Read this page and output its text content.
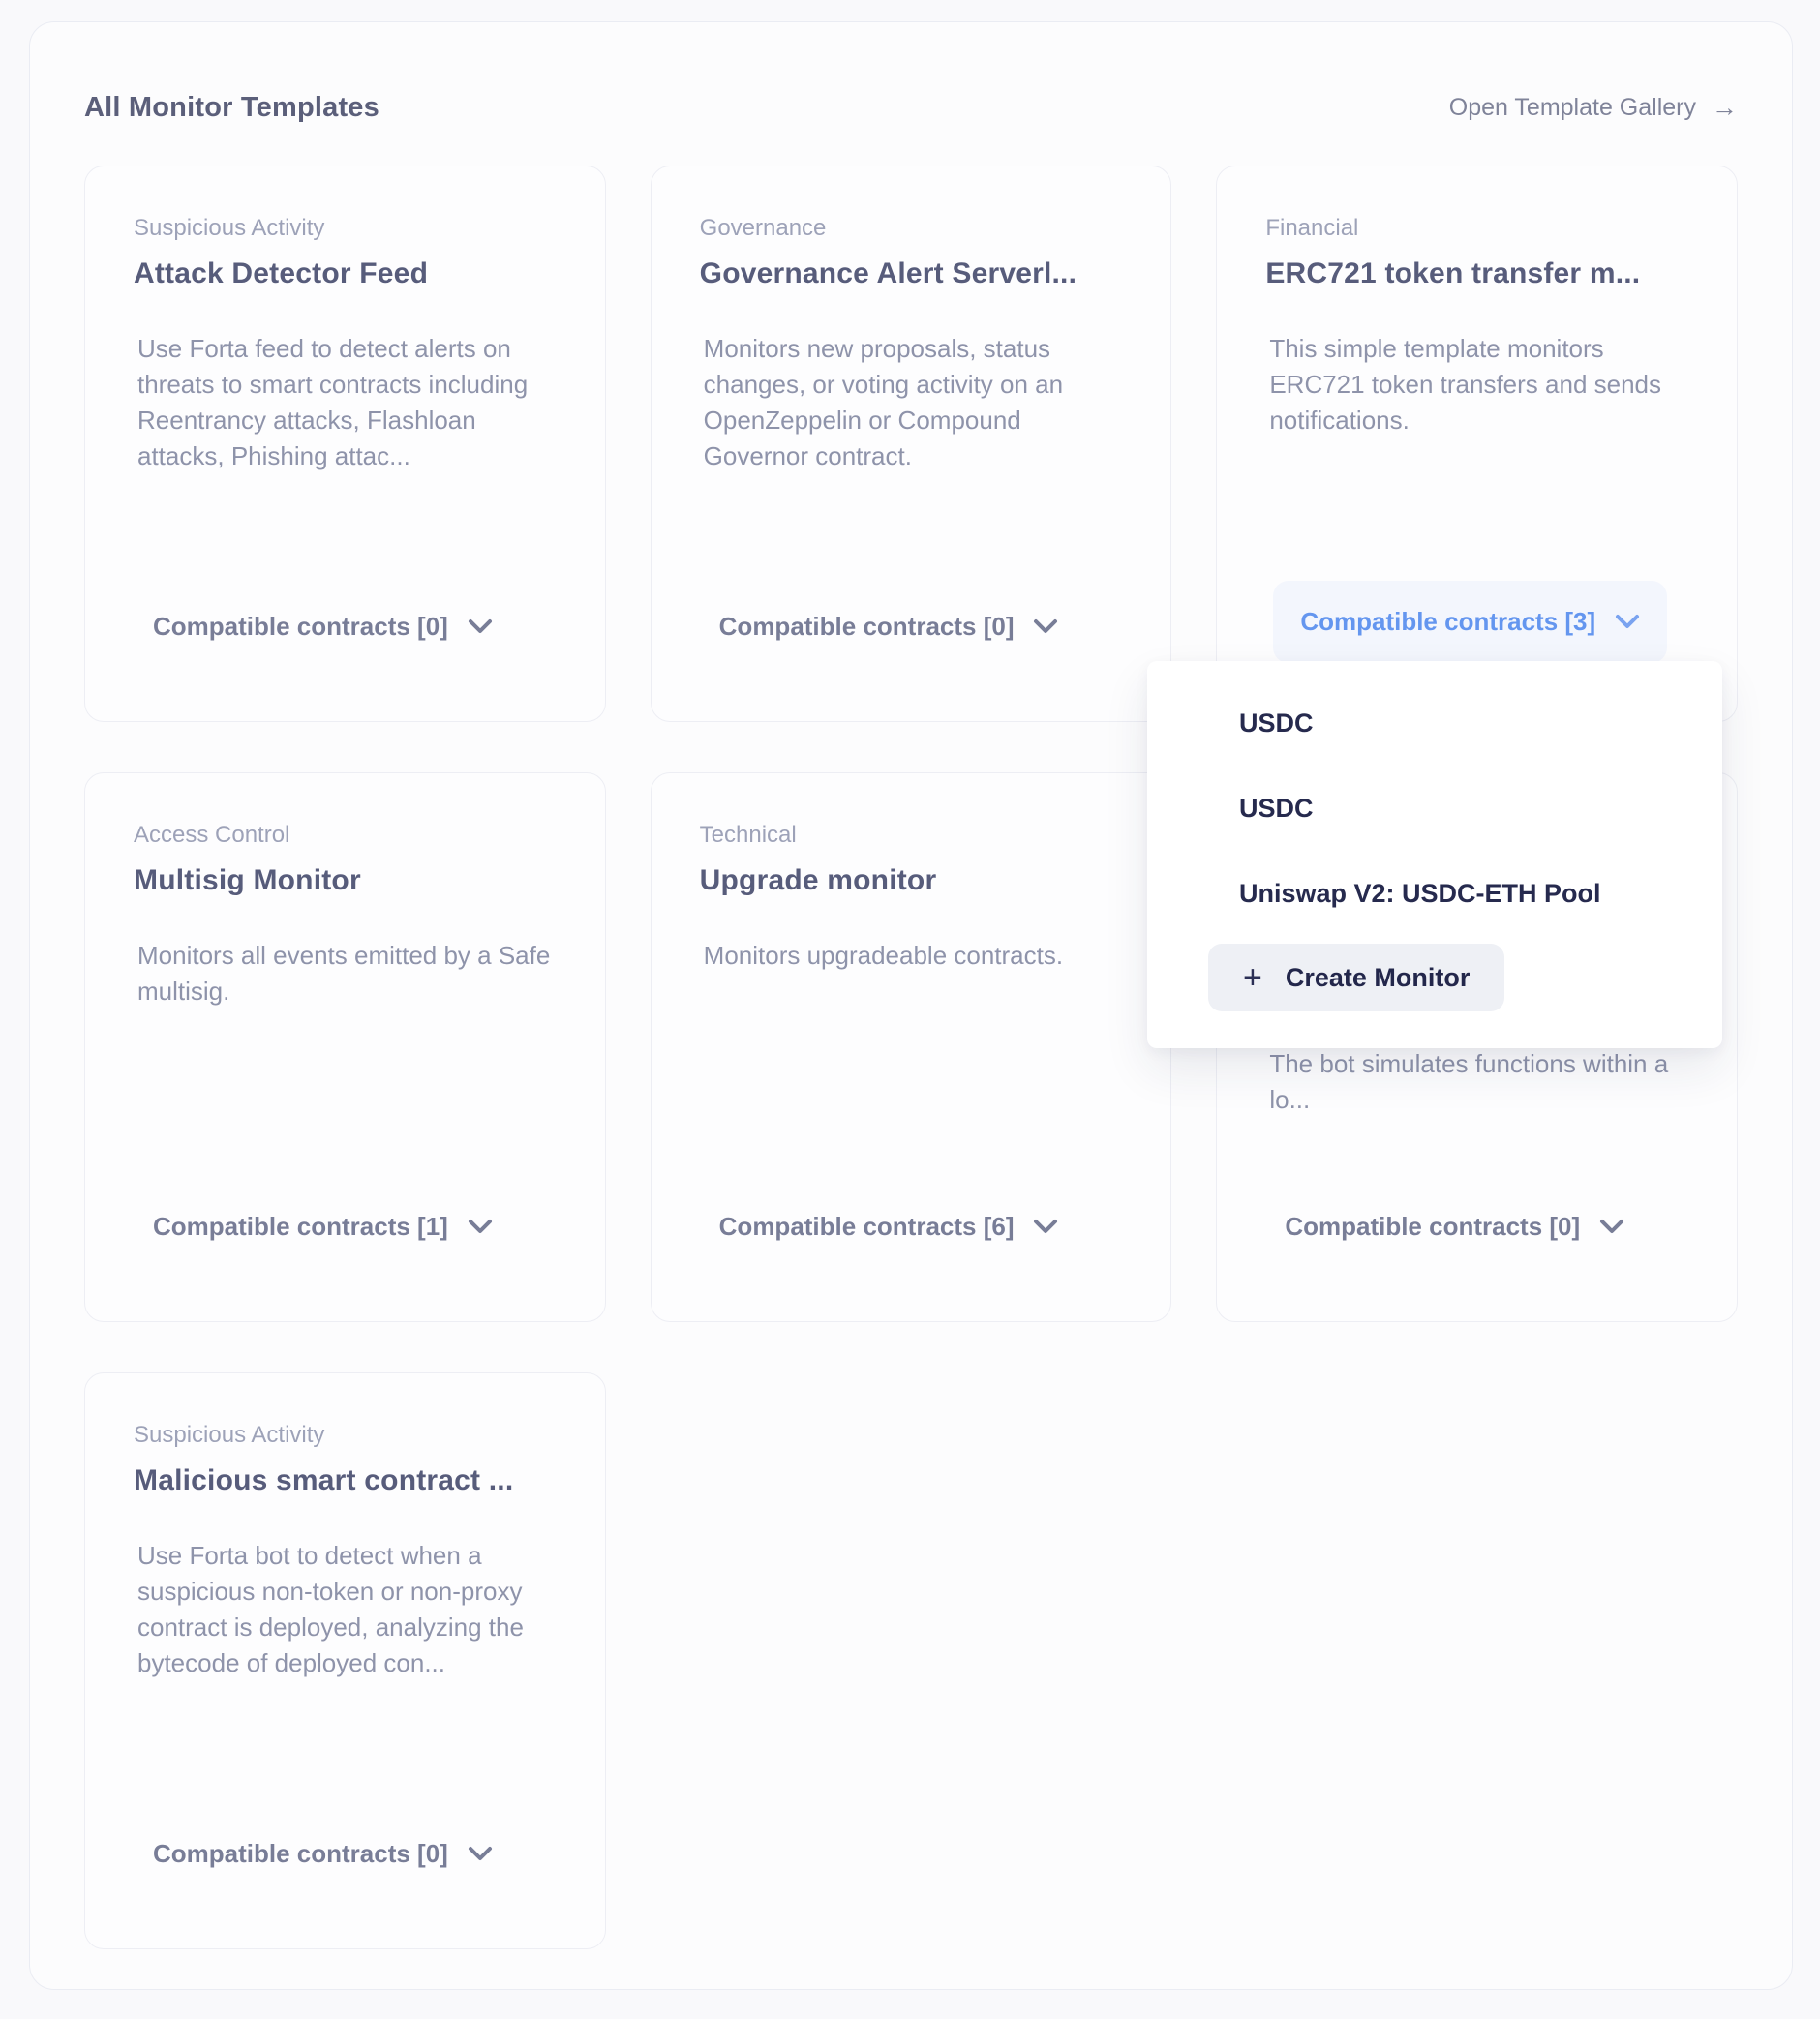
All Monitor Templates	Open Template Gallery →
Suspicious Activity
Attack Detector Feed
Use Forta feed to detect alerts on threats to smart contracts including Reentrancy attacks, Flashloan attacks, Phishing attac...
Compatible contracts [0]
Governance
Governance Alert Serverl...
Monitors new proposals, status changes, or voting activity on an OpenZeppelin or Compound Governor contract.
Compatible contracts [0]
Financial
ERC721 token transfer m...
This simple template monitors ERC721 token transfers and sends notifications.
Compatible contracts [3]
Access Control
Multisig Monitor
Monitors all events emitted by a Safe multisig.
Compatible contracts [1]
Technical
Upgrade monitor
Monitors upgradeable contracts.
Compatible contracts [6]
The bot simulates functions within a lo...
Compatible contracts [0]
Suspicious Activity
Malicious smart contract ...
Use Forta bot to detect when a suspicious non-token or non-proxy contract is deployed, analyzing the bytecode of deployed con...
Compatible contracts [0]
USDC
USDC
Uniswap V2: USDC-ETH Pool
+ Create Monitor
